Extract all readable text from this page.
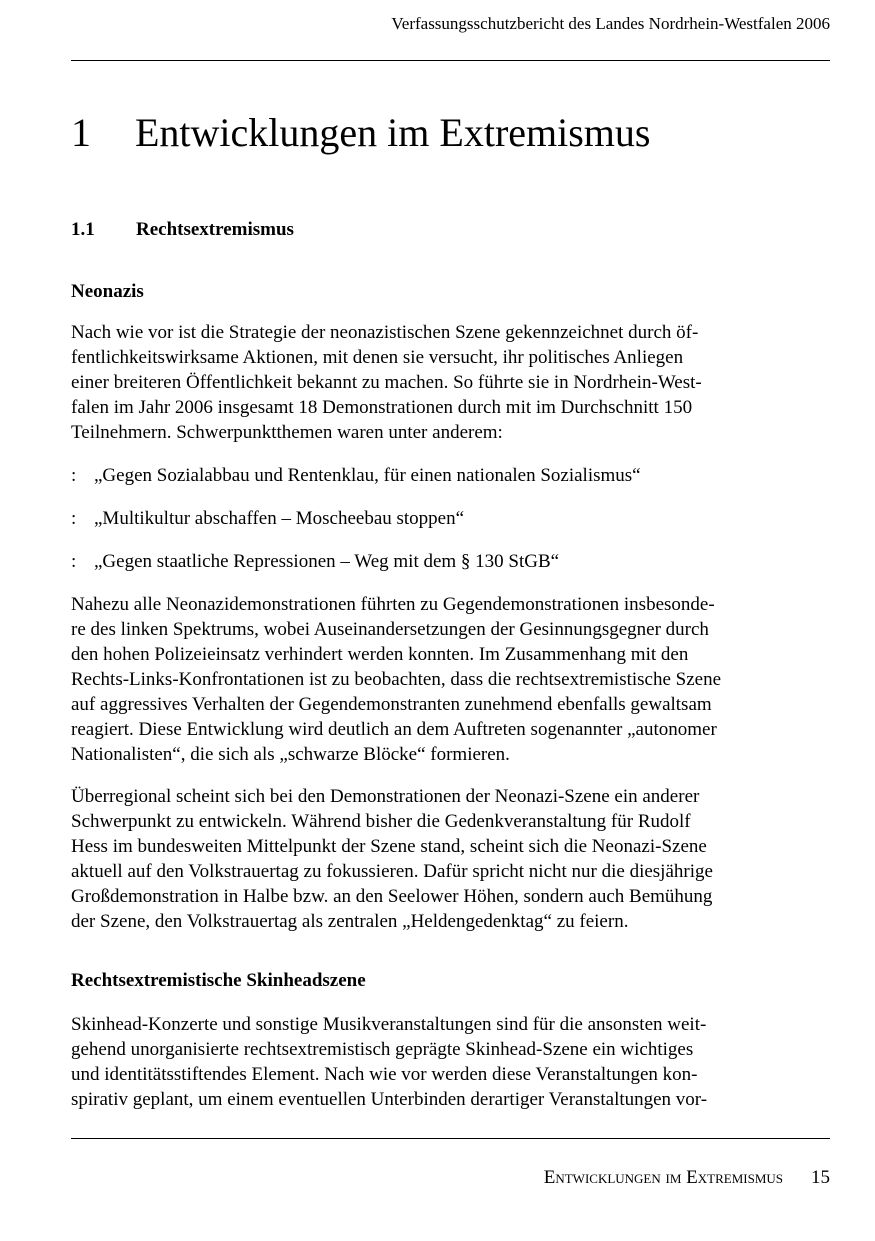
Verfassungsschutzbericht des Landes Nordrhein-Westfalen 2006
1 Entwicklungen im Extremismus
1.1 Rechtsextremismus

Neonazis

Nach wie vor ist die Strategie der neonazistischen Szene gekennzeichnet durch öf-
fentlichkeitswirksame Aktionen, mit denen sie versucht, ihr politisches Anliegen
einer breiteren Öffentlichkeit bekannt zu machen. So führte sie in Nordrhein-West-
falen im Jahr 2006 insgesamt 18 Demonstrationen durch mit im Durchschnitt 150
Teilnehmern. Schwerpunktthemen waren unter anderem:
: „Gegen Sozialabbau und Rentenklau, für einen nationalen Sozialismus“
: „Multikultur abschaffen – Moscheebau stoppen“
: „Gegen staatliche Repressionen – Weg mit dem § 130 StGB“
Nahezu alle Neonazidemonstrationen führten zu Gegendemonstrationen insbesonde-
re des linken Spektrums, wobei Auseinandersetzungen der Gesinnungsgegner durch
den hohen Polizeieinsatz verhindert werden konnten. Im Zusammenhang mit den
Rechts-Links-Konfrontationen ist zu beobachten, dass die rechtsextremistische Szene
auf aggressives Verhalten der Gegendemonstranten zunehmend ebenfalls gewaltsam
reagiert. Diese Entwicklung wird deutlich an dem Auftreten sogenannter „autonomer
Nationalisten“, die sich als „schwarze Blöcke“ formieren.
Überregional scheint sich bei den Demonstrationen der Neonazi-Szene ein anderer
Schwerpunkt zu entwickeln. Während bisher die Gedenkveranstaltung für Rudolf
Hess im bundesweiten Mittelpunkt der Szene stand, scheint sich die Neonazi-Szene
aktuell auf den Volkstrauertag zu fokussieren. Dafür spricht nicht nur die diesjährige
Großdemonstration in Halbe bzw. an den Seelower Höhen, sondern auch Bemühung
der Szene, den Volkstrauertag als zentralen „Heldengedenktag“ zu feiern.

Rechtsextremistische Skinheadszene

Skinhead-Konzerte und sonstige Musikveranstaltungen sind für die ansonsten weit-
gehend unorganisierte rechtsextremistisch geprägte Skinhead-Szene ein wichtiges
und identitätsstiftendes Element. Nach wie vor werden diese Veranstaltungen kon-
spirativ geplant, um einem eventuellen Unterbinden derartiger Veranstaltungen vor-
Entwicklungen im Extremismus 15
